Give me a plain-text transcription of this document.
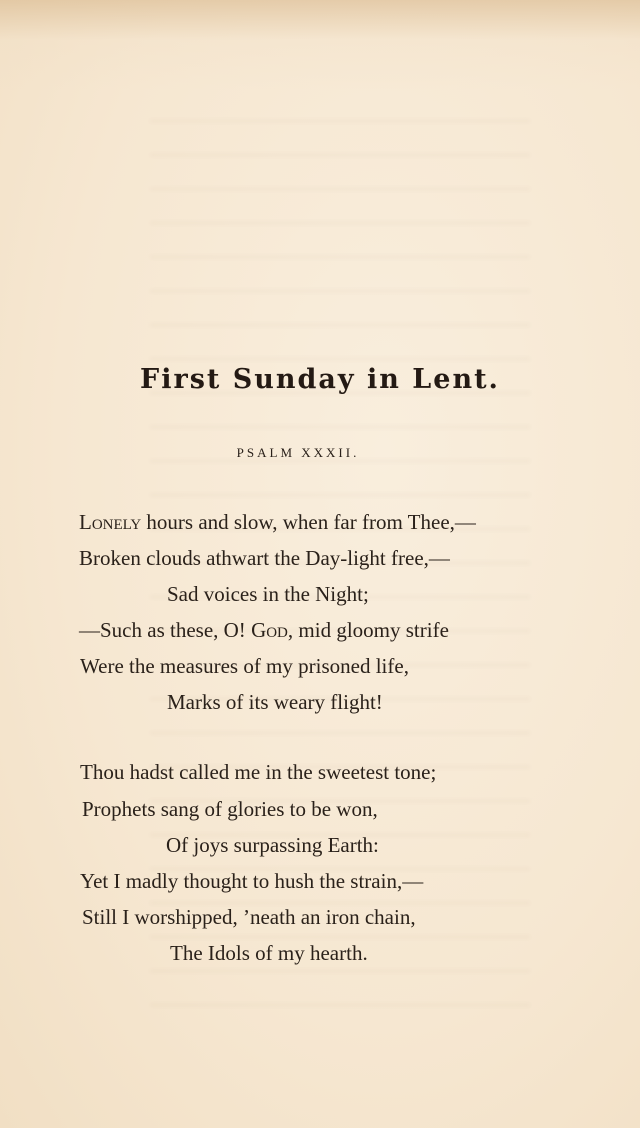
First Sunday in Lent.
PSALM XXXII.
Lonely hours and slow, when far from Thee,—
Broken clouds athwart the Day-light free,—
Sad voices in the Night;
—Such as these, O! God, mid gloomy strife
Were the measures of my prisoned life,
Marks of its weary flight!
Thou hadst called me in the sweetest tone;
Prophets sang of glories to be won,
Of joys surpassing Earth:
Yet I madly thought to hush the strain,—
Still I worshipped, ’neath an iron chain,
The Idols of my hearth.
